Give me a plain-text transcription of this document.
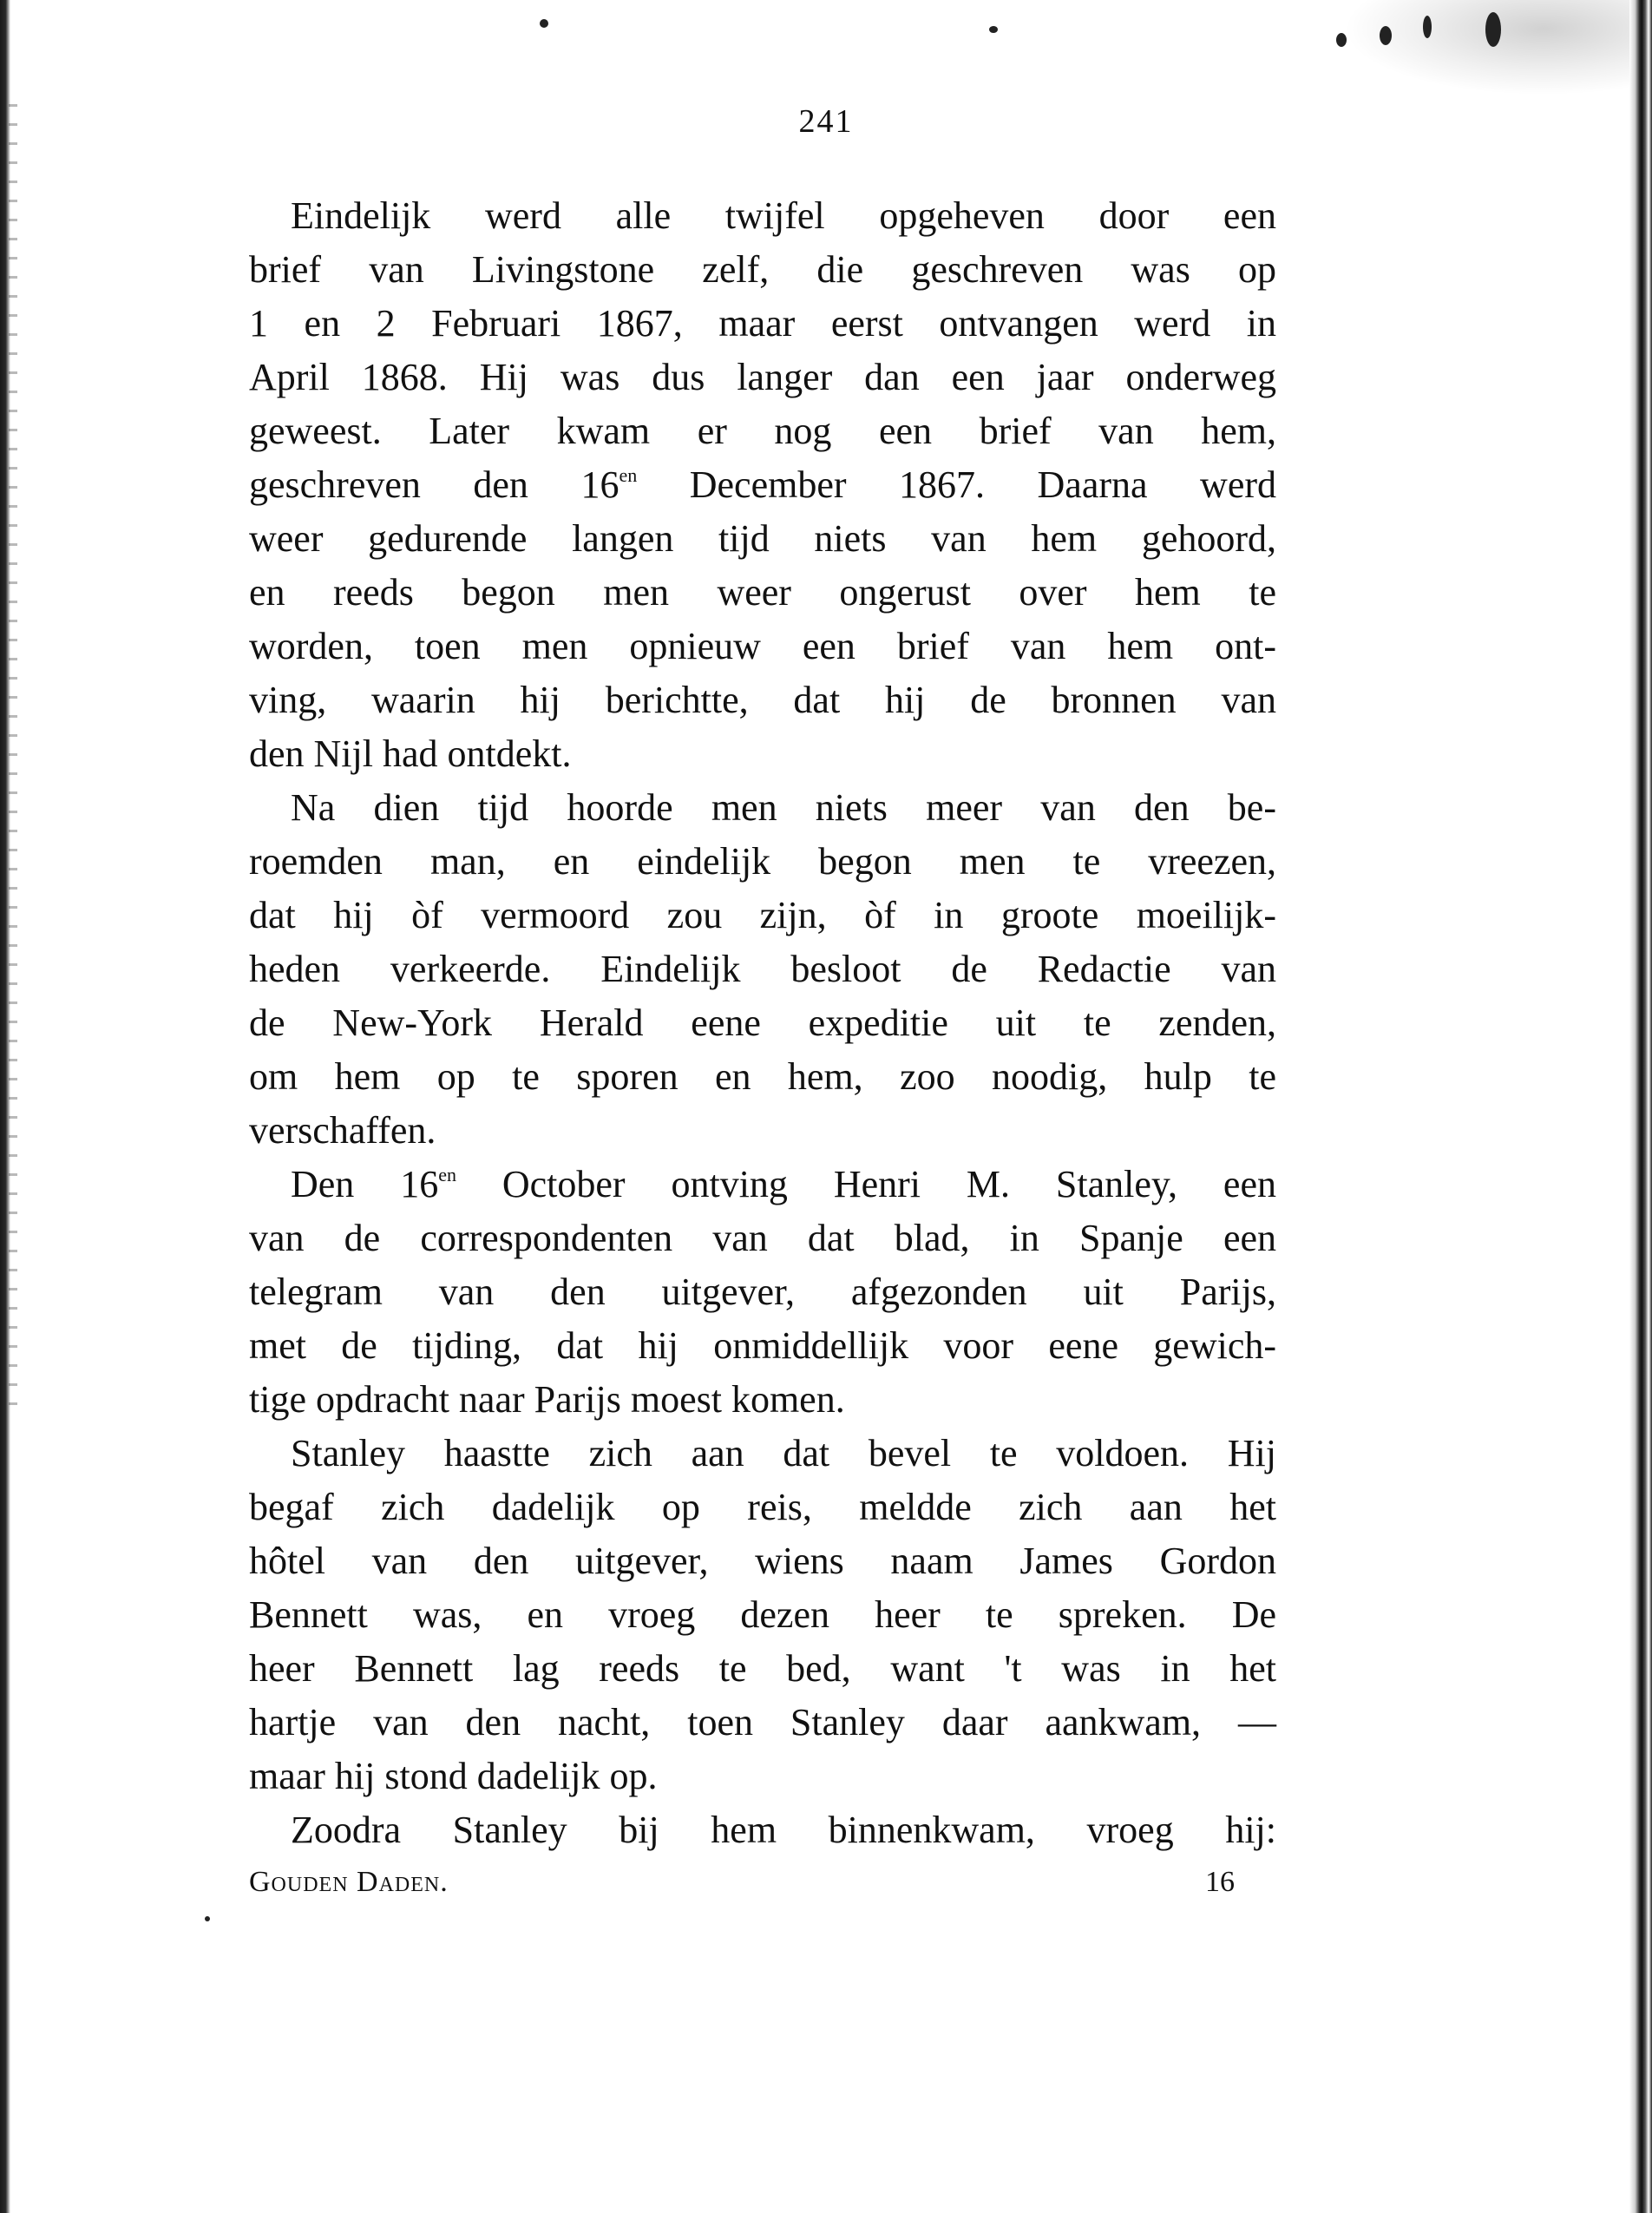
241
Eindelijk werd alle twijfel opgeheven door een
brief van Livingstone zelf, die geschreven was op
1 en 2 Februari 1867, maar eerst ontvangen werd in
April 1868. Hij was dus langer dan een jaar onderweg
geweest. Later kwam er nog een brief van hem,
geschreven den $16^{en}$ December 1867. Daarna werd
weer gedurende langen tijd niets van hem gehoord,
en reeds begon men weer ongerust over hem te
worden, toen men opnieuw een brief van hem ont-
ving, waarin hij berichtte, dat hij de bronnen van
den Nijl had ontdekt.
Na dien tijd hoorde men niets meer van den be-
roemden man, en eindelijk begon men te vreezen,
dat hij òf vermoord zou zijn, òf in groote moeilijk-
heden verkeerde. Eindelijk besloot de Redactie van
de New-York Herald eene expeditie uit te zenden,
om hem op te sporen en hem, zoo noodig, hulp te
verschaffen.
Den $16^{en}$ October ontving Henri M. Stanley, een
van de correspondenten van dat blad, in Spanje een
telegram van den uitgever, afgezonden uit Parijs,
met de tijding, dat hij onmiddellijk voor eene gewich-
tige opdracht naar Parijs moest komen.
Stanley haastte zich aan dat bevel te voldoen. Hij
begaf zich dadelijk op reis, meldde zich aan het
hôtel van den uitgever, wiens naam James Gordon
Bennett was, en vroeg dezen heer te spreken. De
heer Bennett lag reeds te bed, want 't was in het
hartje van den nacht, toen Stanley daar aankwam, —
maar hij stond dadelijk op.
Zoodra Stanley bij hem binnenkwam, vroeg hij:
Gouden Daden.	16
